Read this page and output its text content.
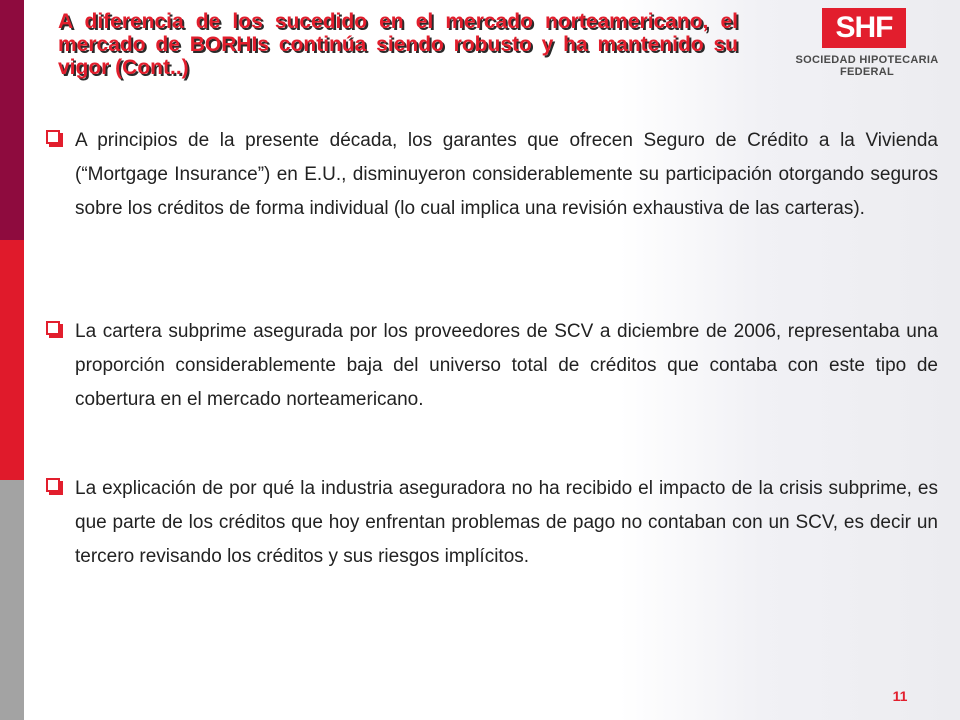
A diferencia de los sucedido en el mercado norteamericano, el mercado de BORHIs continúa siendo robusto y ha mantenido su vigor (Cont..)
SHF
SOCIEDAD HIPOTECARIA FEDERAL

A principios de la presente década, los garantes que ofrecen Seguro de Crédito a la Vivienda (“Mortgage Insurance”) en E.U., disminuyeron considerablemente su participación otorgando seguros sobre los créditos de forma individual (lo cual implica una revisión exhaustiva de las carteras).

La cartera subprime asegurada por los proveedores de SCV a diciembre de 2006, representaba una proporción considerablemente baja del universo total de créditos que contaba con este tipo de cobertura en el mercado norteamericano.

La explicación de por qué la industria aseguradora no ha recibido el impacto de la crisis subprime, es que parte de los créditos que hoy enfrentan problemas de pago no contaban con un SCV, es decir un tercero revisando los créditos y sus riesgos implícitos.

11
